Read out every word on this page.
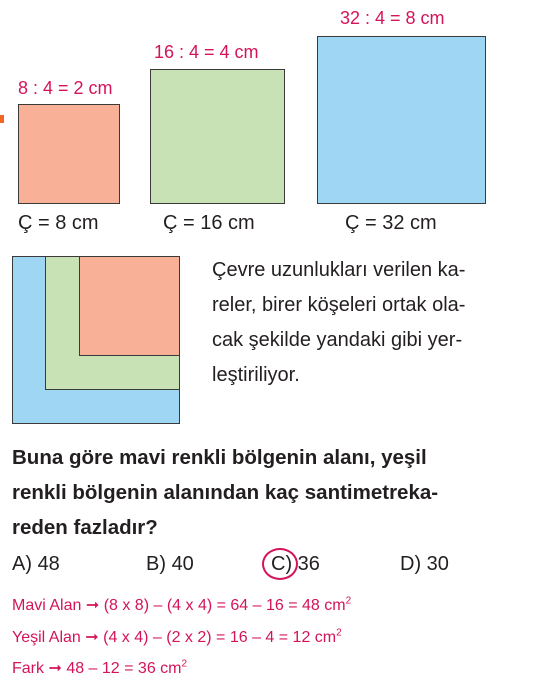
8 : 4 = 2 cm
Ç = 8 cm
16 : 4 = 4 cm
Ç = 16 cm
32 : 4 = 8 cm
Ç = 32 cm
Çevre uzunlukları verilen ka-
reler, birer köşeleri ortak ola-
cak şekilde yandaki gibi yer-
leştiriliyor.
Buna göre mavi renkli bölgenin alanı, yeşil
renkli bölgenin alanından kaç santimetreka-
reden fazladır?
A) 48	B) 40	C) 36	D) 30
Mavi Alan ➞ (8 x 8) – (4 x 4) = 64 – 16 = 48 $cm^2$
Yeşil Alan ➞ (4 x 4) – (2 x 2) = 16 – 4 = 12 $cm^2$
Fark ➞ 48 – 12 = 36 $cm^2$
